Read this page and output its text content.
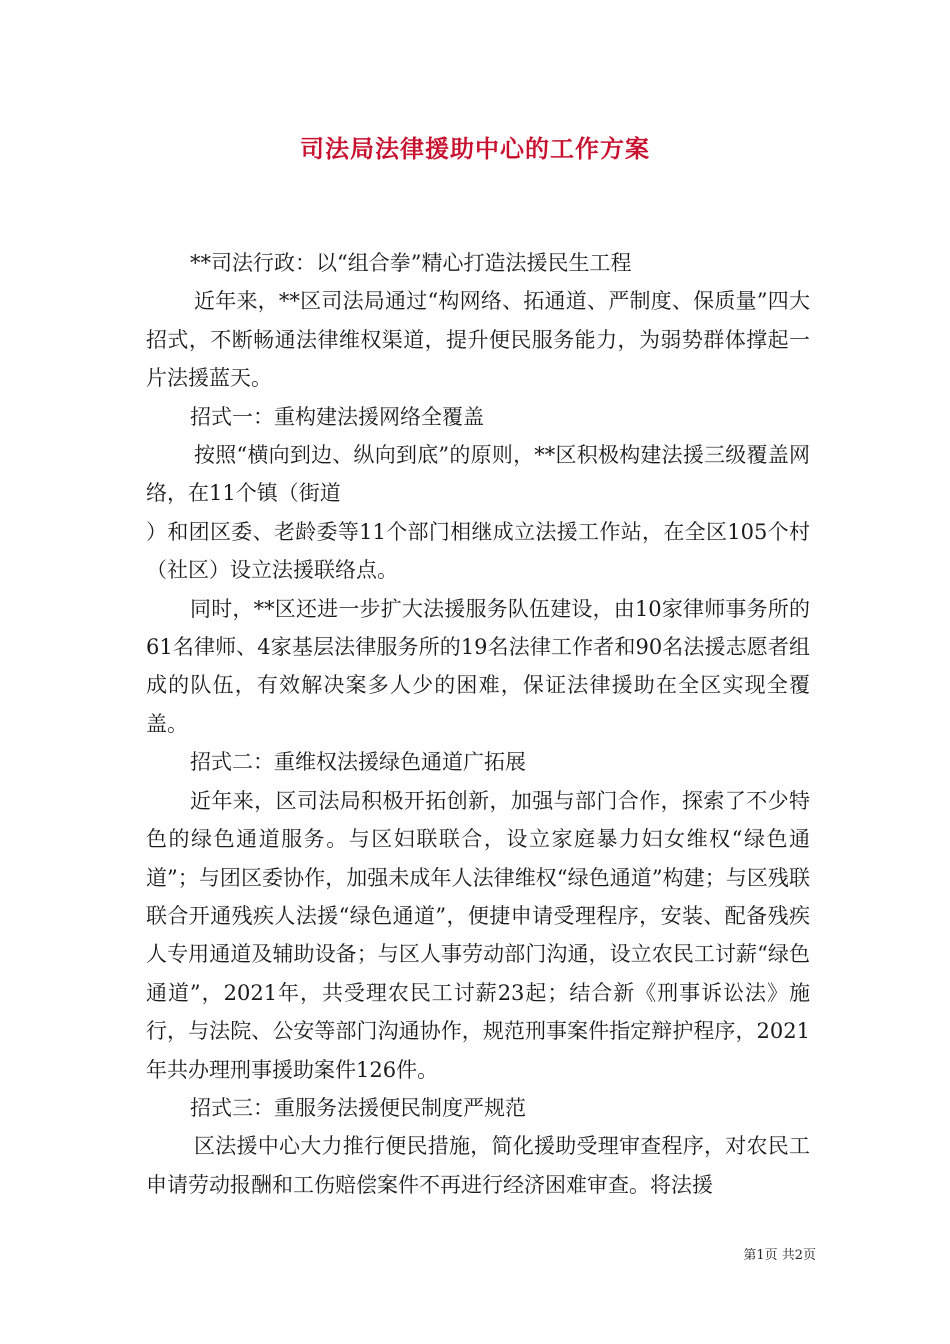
司法局法律援助中心的工作方案

**司法行政：以“组合拳”精心打造法援民生工程

近年来，**区司法局通过“构网络、拓通道、严制度、保质量”四大招式，不断畅通法律维权渠道，提升便民服务能力，为弱势群体撑起一片法援蓝天。

招式一：重构建法援网络全覆盖

按照“横向到边、纵向到底”的原则，**区积极构建法援三级覆盖网络，在11个镇（街道

）和团区委、老龄委等11个部门相继成立法援工作站，在全区105个村（社区）设立法援联络点。

同时，**区还进一步扩大法援服务队伍建设，由10家律师事务所的61名律师、4家基层法律服务所的19名法律工作者和90名法援志愿者组成的队伍，有效解决案多人少的困难，保证法律援助在全区实现全覆盖。

招式二：重维权法援绿色通道广拓展

近年来，区司法局积极开拓创新，加强与部门合作，探索了不少特色的绿色通道服务。与区妇联联合，设立家庭暴力妇女维权“绿色通道”；与团区委协作，加强未成年人法律维权“绿色通道”构建；与区残联联合开通残疾人法援“绿色通道”，便捷申请受理程序，安装、配备残疾人专用通道及辅助设备；与区人事劳动部门沟通，设立农民工讨薪“绿色通道”，2021年，共受理农民工讨薪23起；结合新《刑事诉讼法》施行，与法院、公安等部门沟通协作，规范刑事案件指定辩护程序，2021年共办理刑事援助案件126件。

招式三：重服务法援便民制度严规范

区法援中心大力推行便民措施，简化援助受理审查程序，对农民工申请劳动报酬和工伤赔偿案件不再进行经济困难审查。将法援

第1页 共2页
